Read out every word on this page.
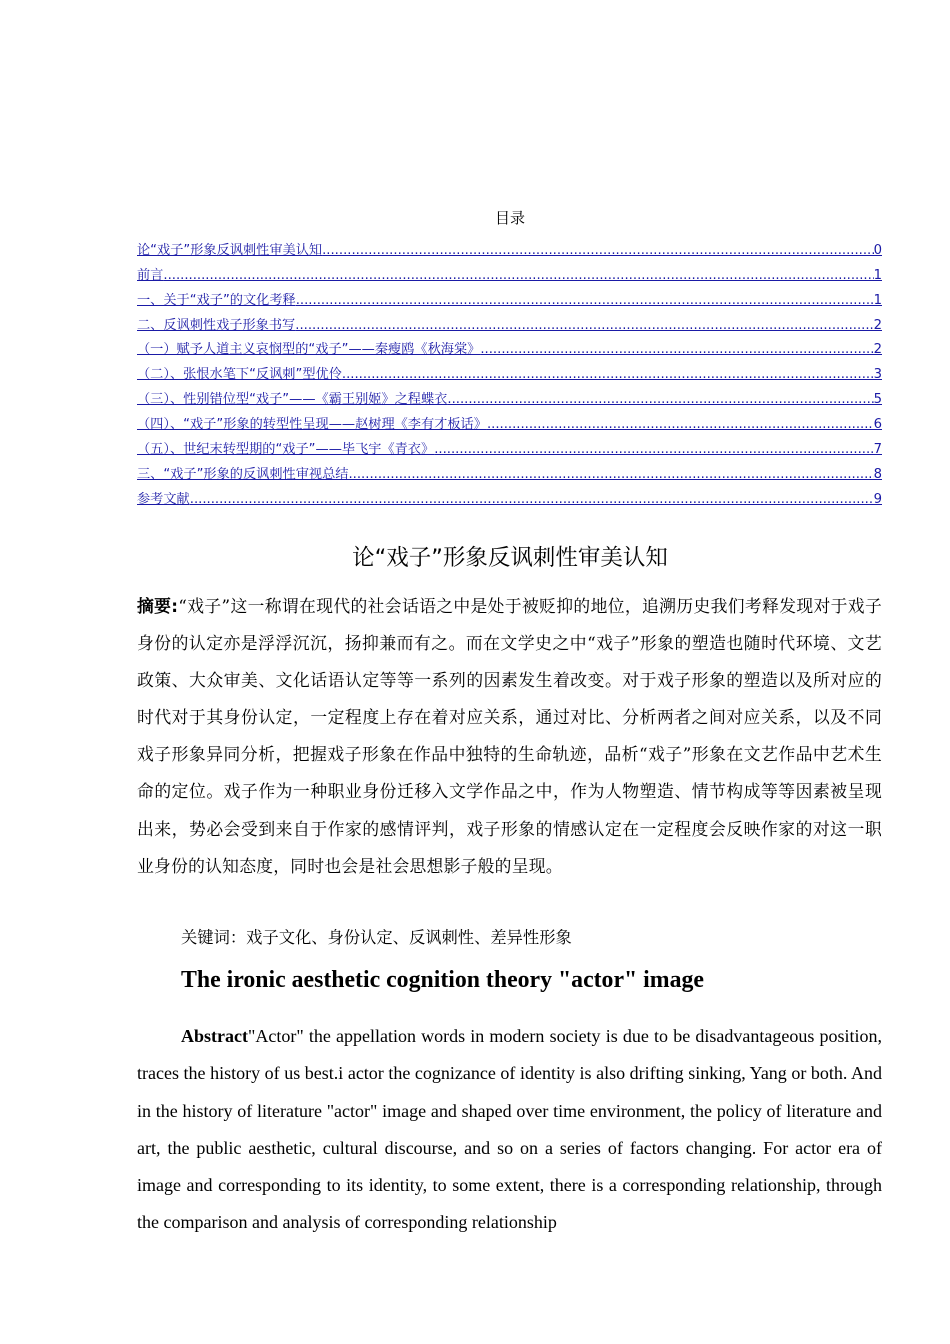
目录
论“戏子”形象反讽刺性审美认知 .....	0
前言 .....	1
一、关于“戏子”的文化考释 .....	1
二、反讽刺性戏子形象书写 .....	2
（一）赋予人道主义哀悯型的“戏子”——秦瘦鸥《秋海棠》 .....	2
（二）、张恨水笔下“反讽刺”型优伶 .....	3
（三）、性别错位型“戏子”——《霸王别姬》之程蝶衣 .....	5
（四）、“戏子”形象的转型性呈现——赵树理《李有才板话》 .....	6
（五）、世纪末转型期的“戏子”——毕飞宇《青衣》 .....	7
三、“戏子”形象的反讽刺性审视总结 .....	8
参考文献 .....	9
论“戏子”形象反讽刺性审美认知
摘要:“戏子”这一称谓在现代的社会话语之中是处于被贬抑的地位，追溯历史我们考释发现对于戏子身份的认定亦是浮浮沉沉，扬抑兼而有之。而在文学史之中“戏子”形象的塑造也随时代环境、文艺政策、大众审美、文化话语认定等等一系列的因素发生着改变。对于戏子形象的塑造以及所对应的时代对于其身份认定，一定程度上存在着对应关系，通过对比、分析两者之间对应关系，以及不同戏子形象异同分析，把握戏子形象在作品中独特的生命轨迹，品析“戏子”形象在文艺作品中艺术生命的定位。戏子作为一种职业身份迁移入文学作品之中，作为人物塑造、情节构成等等因素被呈现出来，势必会受到来自于作家的感情评判，戏子形象的情感认定在一定程度会反映作家的对这一职业身份的认知态度，同时也会是社会思想影子般的呈现。
关键词：戏子文化、身份认定、反讽刺性、差异性形象
The ironic aesthetic cognition theory "actor" image
Abstract"Actor" the appellation words in modern society is due to be disadvantageous position, traces the history of us best.i actor the cognizance of identity is also drifting sinking, Yang or both. And in the history of literature "actor" image and shaped over time environment, the policy of literature and art, the public aesthetic, cultural discourse, and so on a series of factors changing. For actor era of image and corresponding to its identity, to some extent, there is a corresponding relationship, through the comparison and analysis of corresponding relationship
